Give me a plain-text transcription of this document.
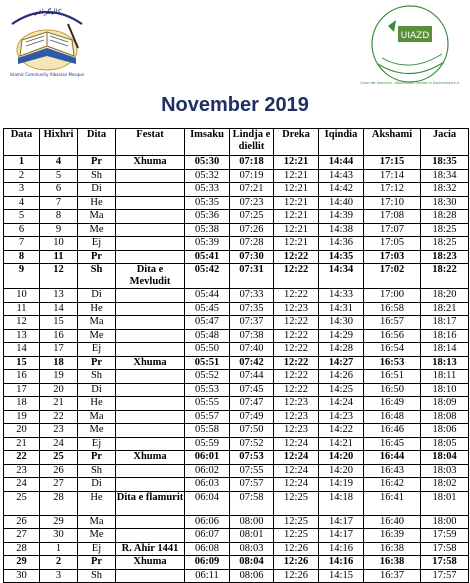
ﻛﺎﻟﻴﮕﺮاﻓﻲ
Islamic Community Albanian Mosque
UIAZD
Union der Islamisch - Albanischen Zentren in Deutschland e.V.
November 2019
Data	Hixhri	Dita	Festat	Imsaku	Lindja e diellit	Dreka	Iqindia	Akshami	Jacia
1	4	Pr	Xhuma	05:30	07:18	12:21	14:44	17:15	18:35
2	5	Sh		05:32	07:19	12:21	14:43	17:14	18:34
3	6	Di		05:33	07:21	12:21	14:42	17:12	18:32
4	7	He		05:35	07:23	12:21	14:40	17:10	18:30
5	8	Ma		05:36	07:25	12:21	14:39	17:08	18:28
6	9	Me		05:38	07:26	12:21	14:38	17:07	18:25
7	10	Ej		05:39	07:28	12:21	14:36	17:05	18:25
8	11	Pr		05:41	07:30	12:22	14:35	17:03	18:23
9	12	Sh	Dita e Mevludit	05:42	07:31	12:22	14:34	17:02	18:22
10	13	Di		05:44	07:33	12:22	14:33	17:00	18:20
11	14	He		05:45	07:35	12:23	14:31	16:58	18:21
12	15	Ma		05:47	07:37	12:22	14:30	16:57	18:17
13	16	Me		05:48	07:38	12:22	14:29	16:56	18:16
14	17	Ej		05:50	07:40	12:22	14:28	16:54	18:14
15	18	Pr	Xhuma	05:51	07:42	12:22	14:27	16:53	18:13
16	19	Sh		05:52	07:44	12:22	14:26	16:51	18:11
17	20	Di		05:53	07:45	12:22	14:25	16:50	18:10
18	21	He		05:55	07:47	12:23	14:24	16:49	18:09
19	22	Ma		05:57	07:49	12:23	14:23	16:48	18:08
20	23	Me		05:58	07:50	12:23	14:22	16:46	18:06
21	24	Ej		05:59	07:52	12:24	14:21	16:45	18:05
22	25	Pr	Xhuma	06:01	07:53	12:24	14:20	16:44	18:04
23	26	Sh		06:02	07:55	12:24	14:20	16:43	18:03
24	27	Di		06:03	07:57	12:24	14:19	16:42	18:02
25	28	He	Dita e flamurit	06:04	07:58	12:25	14:18	16:41	18:01
26	29	Ma		06:06	08:00	12:25	14:17	16:40	18:00
27	30	Me		06:07	08:01	12:25	14:17	16:39	17:59
28	1	Ej	R. Ahir 1441	06:08	08:03	12:26	14:16	16:38	17:58
29	2	Pr	Xhuma	06:09	08:04	12:26	14:16	16:38	17:58
30	3	Sh		06:11	08:06	12:26	14:15	16:37	17:57
